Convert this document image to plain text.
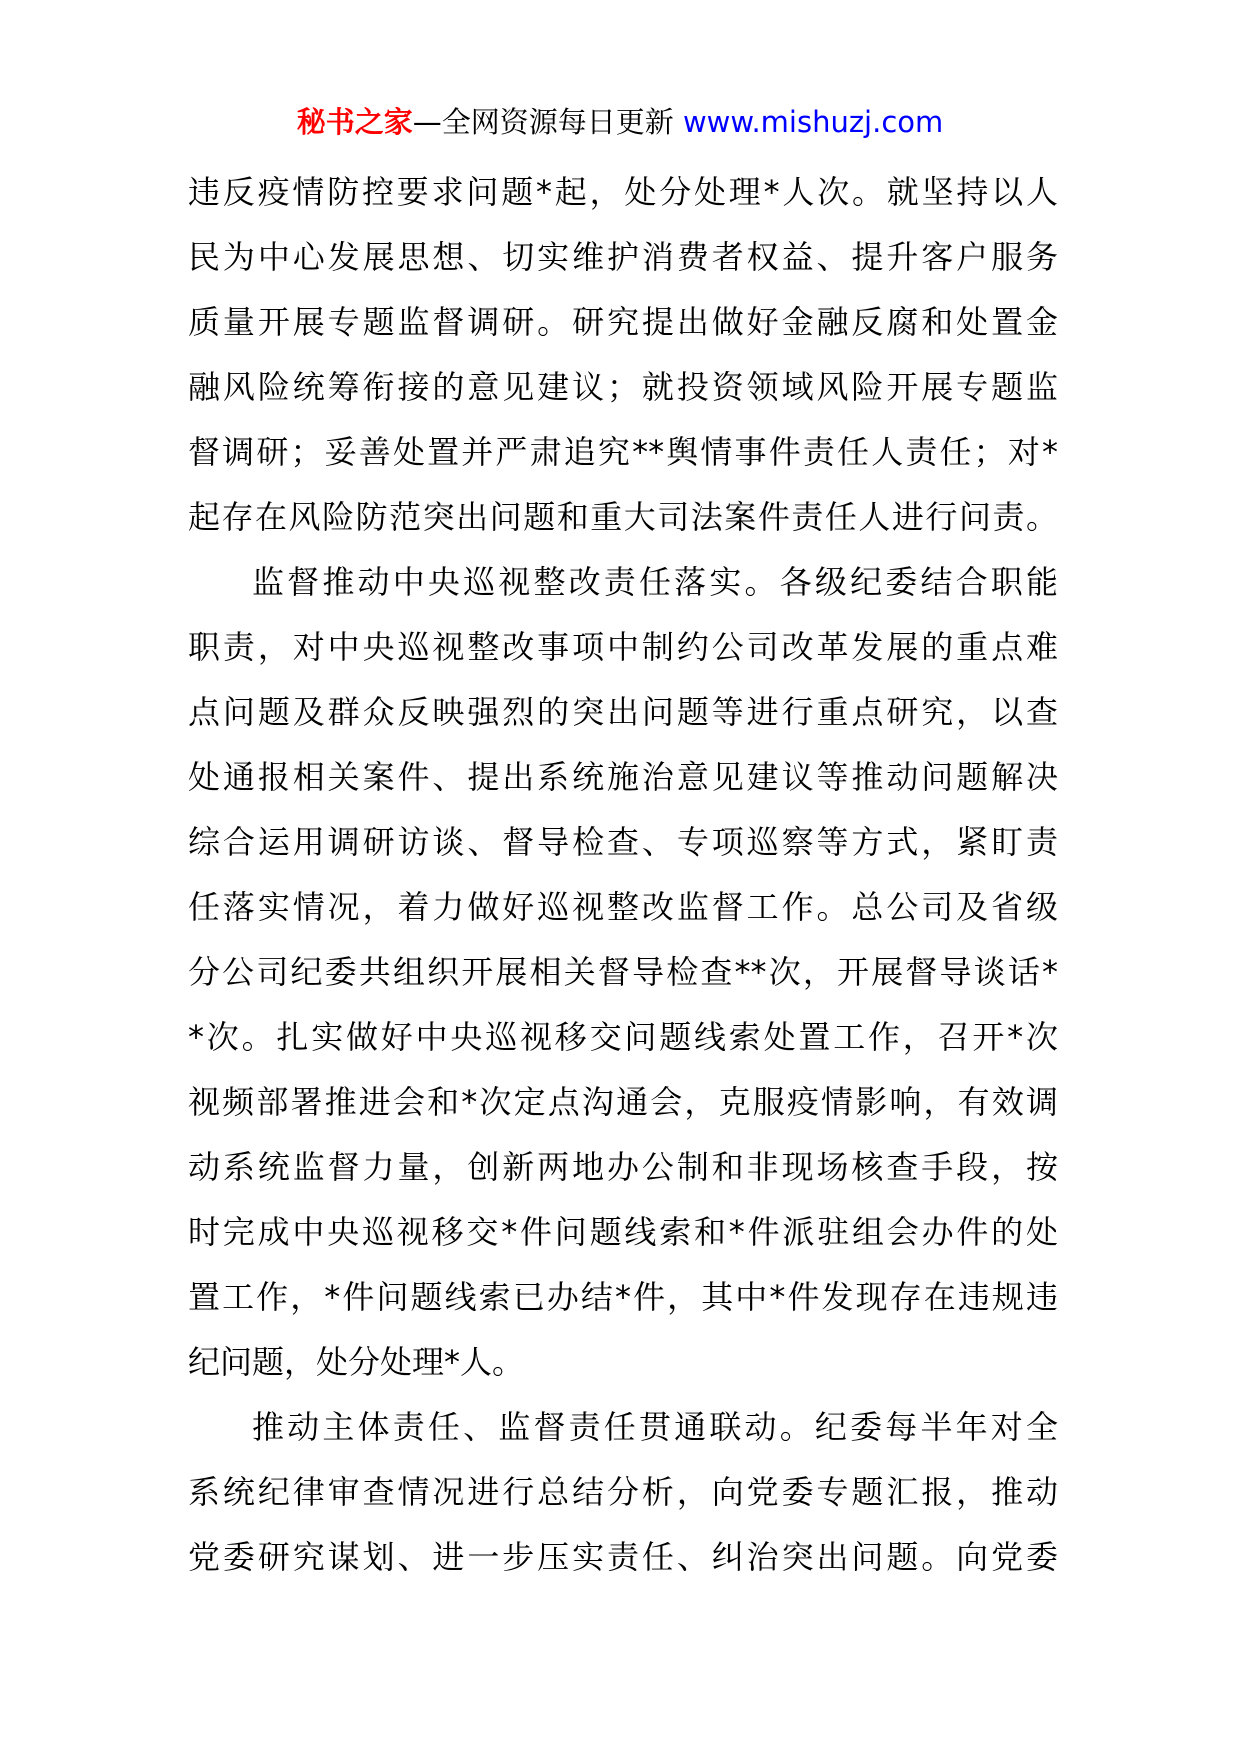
秘书之家—全网资源每日更新 www.mishuzj.com
违反疫情防控要求问题*起，处分处理*人次。就坚持以人
民为中心发展思想、切实维护消费者权益、提升客户服务
质量开展专题监督调研。研究提出做好金融反腐和处置金
融风险统筹衔接的意见建议；就投资领域风险开展专题监
督调研；妥善处置并严肃追究**舆情事件责任人责任；对*
起存在风险防范突出问题和重大司法案件责任人进行问责。
监督推动中央巡视整改责任落实。各级纪委结合职能
职责，对中央巡视整改事项中制约公司改革发展的重点难
点问题及群众反映强烈的突出问题等进行重点研究，以查
处通报相关案件、提出系统施治意见建议等推动问题解决
综合运用调研访谈、督导检查、专项巡察等方式，紧盯责
任落实情况，着力做好巡视整改监督工作。总公司及省级
分公司纪委共组织开展相关督导检查**次，开展督导谈话*
*次。扎实做好中央巡视移交问题线索处置工作，召开*次
视频部署推进会和*次定点沟通会，克服疫情影响，有效调
动系统监督力量，创新两地办公制和非现场核查手段，按
时完成中央巡视移交*件问题线索和*件派驻组会办件的处
置工作，*件问题线索已办结*件，其中*件发现存在违规违
纪问题，处分处理*人。
推动主体责任、监督责任贯通联动。纪委每半年对全
系统纪律审查情况进行总结分析，向党委专题汇报，推动
党委研究谋划、进一步压实责任、纠治突出问题。向党委
